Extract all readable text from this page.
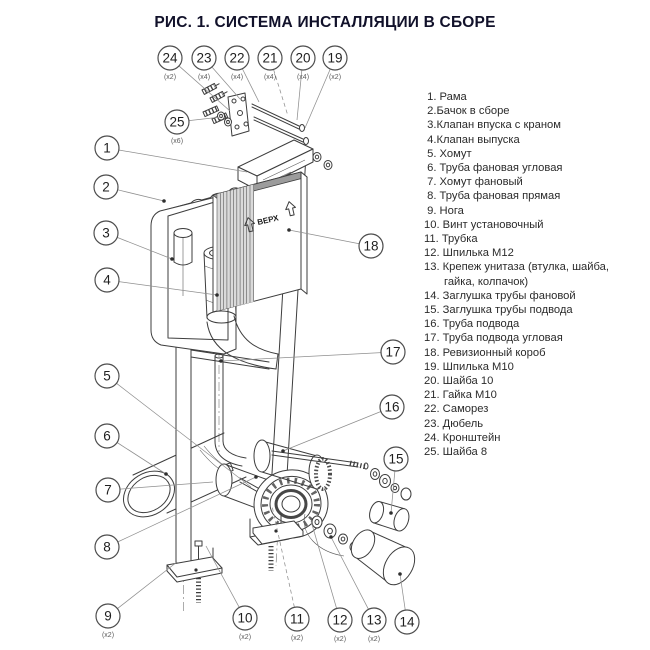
РИС. 1. СИСТЕМА ИНСТАЛЛЯЦИИ В СБОРЕ
ВЕРХ
1
2
3
4
5
6
7
8
9
(x2)
10
(x2)
11
(x2)
12
(x2)
13
(x2)
14
15
16
17
18
19
(x2)
20
(x4)
21
(x4)
22
(x4)
23
(x4)
24
(x2)
25
(x6)
1. Рама
2.Бачок в сборе
3.Клапан впуска с краном
4.Клапан выпуска
5. Хомут
6. Труба фановая угловая
7. Хомут фановый
8. Труба фановая прямая
9. Нога
10. Винт установочный
11. Трубка
12. Шпилька М12
13. Крепеж унитаза (втулка, шайба, гайка, колпачок)
14. Заглушка трубы фановой
15. Заглушка трубы подвода
16. Труба подвода
17. Труба подвода угловая
18. Ревизионный короб
19. Шпилька М10
20. Шайба 10
21. Гайка М10
22. Саморез
23. Дюбель
24. Кронштейн
25. Шайба 8
